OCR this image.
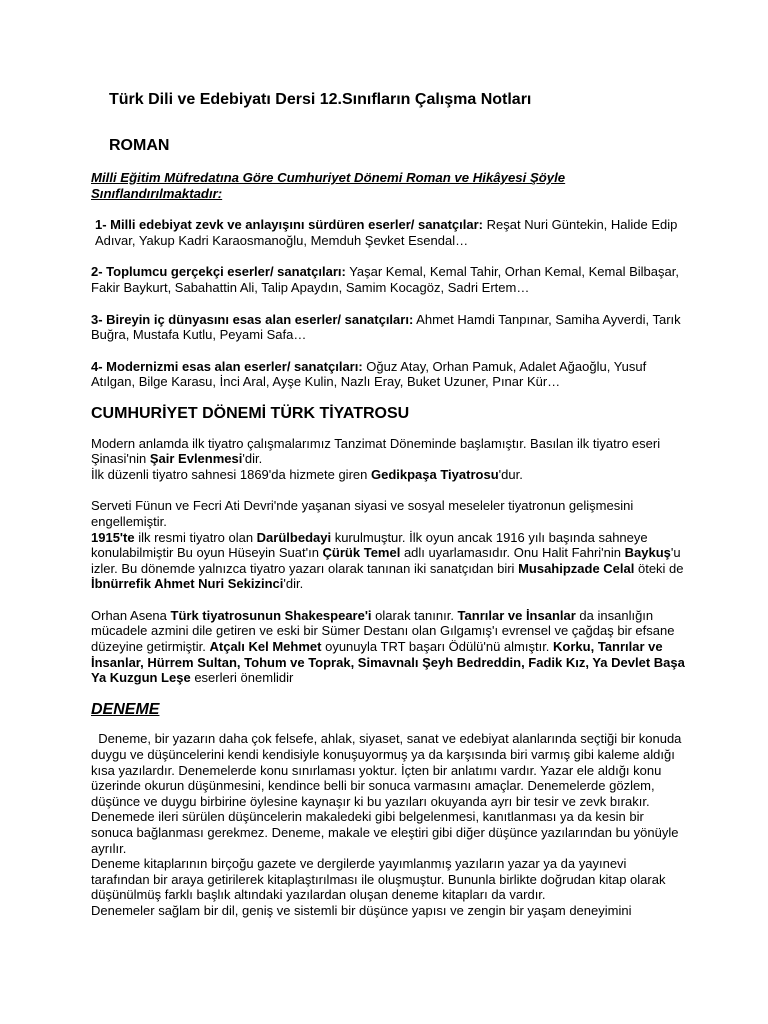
Türk Dili ve Edebiyatı Dersi 12.Sınıfların Çalışma Notları
ROMAN

Milli Eğitim Müfredatına Göre Cumhuriyet Dönemi Roman ve Hikâyesi Şöyle Sınıflandırılmaktadır:

1- Milli edebiyat zevk ve anlayışını sürdüren eserler/ sanatçılar: Reşat Nuri Güntekin, Halide Edip Adıvar, Yakup Kadri Karaosmanoğlu, Memduh Şevket Esendal…

2- Toplumcu gerçekçi eserler/ sanatçıları: Yaşar Kemal, Kemal Tahir, Orhan Kemal, Kemal Bilbaşar, Fakir Baykurt, Sabahattin Ali, Talip Apaydın, Samim Kocagöz, Sadri Ertem…

3- Bireyin iç dünyasını esas alan eserler/ sanatçıları: Ahmet Hamdi Tanpınar, Samiha Ayverdi, Tarık Buğra, Mustafa Kutlu, Peyami Safa…

4- Modernizmi esas alan eserler/ sanatçıları: Oğuz Atay, Orhan Pamuk, Adalet Ağaoğlu, Yusuf Atılgan, Bilge Karasu, İnci Aral, Ayşe Kulin, Nazlı Eray, Buket Uzuner, Pınar Kür…

CUMHURİYET DÖNEMİ TÜRK TİYATROSU

Modern anlamda ilk tiyatro çalışmalarımız Tanzimat Döneminde başlamıştır. Basılan ilk tiyatro eseri Şinasi'nin Şair Evlenmesi'dir.
İlk düzenli tiyatro sahnesi 1869'da hizmete giren Gedikpaşa Tiyatrosu'dur.

Serveti Fünun ve Fecri Ati Devri'nde yaşanan siyasi ve sosyal meseleler tiyatronun gelişmesini engellemiştir.
1915'te ilk resmi tiyatro olan Darülbedayi kurulmuştur. İlk oyun ancak 1916 yılı başında sahneye konulabilmiştir Bu oyun Hüseyin Suat'ın Çürük Temel adlı uyarlamasıdır. Onu Halit Fahri'nin Baykuş'u izler. Bu dönemde yalnızca tiyatro yazarı olarak tanınan iki sanatçıdan biri Musahipzade Celal öteki de İbnürrefik Ahmet Nuri Sekizinci'dir.

Orhan Asena Türk tiyatrosunun Shakespeare'i olarak tanınır. Tanrılar ve İnsanlar da insanlığın mücadele azmini dile getiren ve eski bir Sümer Destanı olan Gılgamış'ı evrensel ve çağdaş bir efsane düzeyine getirmiştir. Atçalı Kel Mehmet oyunuyla TRT başarı Ödülü'nü almıştır. Korku, Tanrılar ve İnsanlar, Hürrem Sultan, Tohum ve Toprak, Simavnalı Şeyh Bedreddin, Fadik Kız, Ya Devlet Başa Ya Kuzgun Leşe eserleri önemlidir

DENEME

Deneme, bir yazarın daha çok felsefe, ahlak, siyaset, sanat ve edebiyat alanlarında seçtiği bir konuda duygu ve düşüncelerini kendi kendisiyle konuşuyormuş ya da karşısında biri varmış gibi kaleme aldığı kısa yazılardır. Denemelerde konu sınırlaması yoktur. İçten bir anlatımı vardır. Yazar ele aldığı konu üzerinde okurun düşünmesini, kendince belli bir sonuca varmasını amaçlar. Denemelerde gözlem, düşünce ve duygu birbirine öylesine kaynaşır ki bu yazıları okuyanda ayrı bir tesir ve zevk bırakır. Denemede ileri sürülen düşüncelerin makaledeki gibi belgelenmesi, kanıtlanması ya da kesin bir sonuca bağlanması gerekmez. Deneme, makale ve eleştiri gibi diğer düşünce yazılarından bu yönüyle ayrılır.
Deneme kitaplarının birçoğu gazete ve dergilerde yayımlanmış yazıların yazar ya da yayınevi tarafından bir araya getirilerek kitaplaştırılması ile oluşmuştur. Bununla birlikte doğrudan kitap olarak düşünülmüş farklı başlık altındaki yazılardan oluşan deneme kitapları da vardır.
Denemeler sağlam bir dil, geniş ve sistemli bir düşünce yapısı ve zengin bir yaşam deneyimini
